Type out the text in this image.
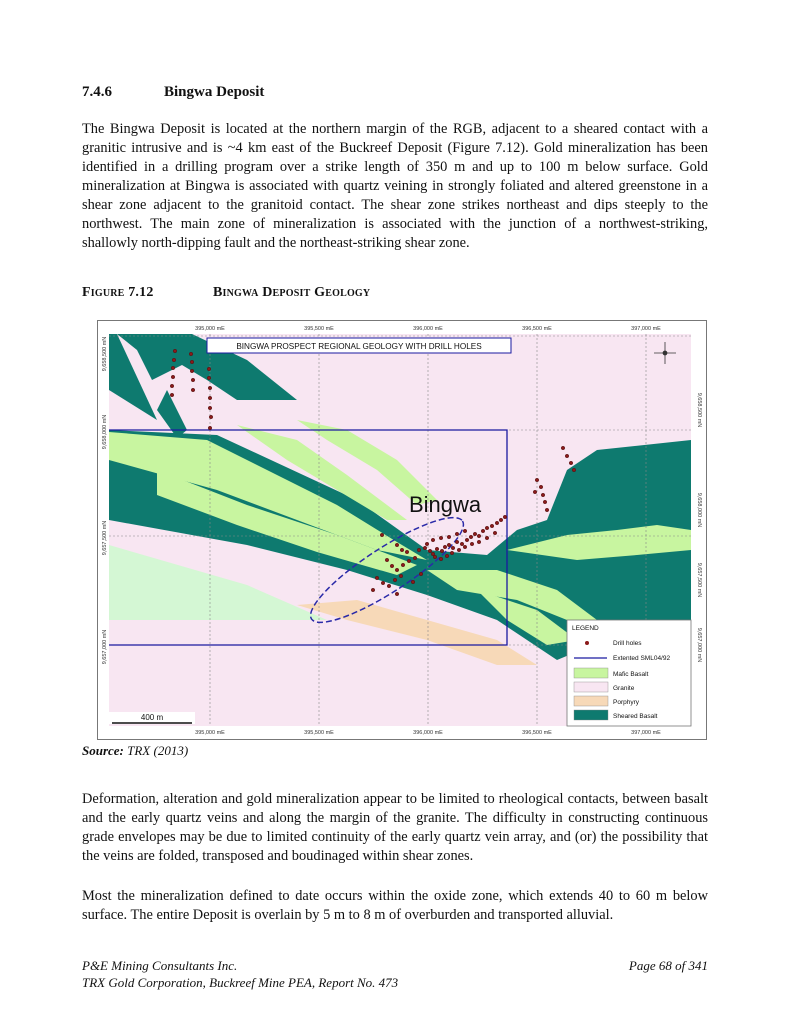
7.4.6	Bingwa Deposit

The Bingwa Deposit is located at the northern margin of the RGB, adjacent to a sheared contact with a granitic intrusive and is ~4 km east of the Buckreef Deposit (Figure 7.12). Gold mineralization has been identified in a drilling program over a strike length of 350 m and up to 100 m below surface. Gold mineralization at Bingwa is associated with quartz veining in strongly foliated and altered greenstone in a shear zone adjacent to the granitoid contact. The shear zone strikes northeast and dips steeply to the northwest. The main zone of mineralization is associated with the junction of a northwest-striking, shallowly north-dipping fault and the northeast-striking shear zone.

Figure 7.12	Bingwa Deposit Geology
BINGWA PROSPECT REGIONAL GEOLOGY WITH DRILL HOLES
Bingwa
395,000 mE	395,500 mE	396,000 mE	396,500 mE	397,000 mE
395,000 mE	395,500 mE	396,000 mE	396,500 mE	397,000 mE
9,658,500 mN
9,658,000 mN
9,657,500 mN
9,657,000 mN
9,658,500 mN
9,658,000 mN
9,657,500 mN
9,657,000 mN
400 m
LEGEND
Drill holes
Extented SML04/92
Mafic Basalt
Granite
Porphyry
Sheared Basalt
Source: TRX (2013)

Deformation, alteration and gold mineralization appear to be limited to rheological contacts, between basalt and the early quartz veins and along the margin of the granite. The difficulty in constructing continuous grade envelopes may be due to limited continuity of the early quartz vein array, and (or) the possibility that the veins are folded, transposed and boudinaged within shear zones.

Most the mineralization defined to date occurs within the oxide zone, which extends 40 to 60 m below surface. The entire Deposit is overlain by 5 m to 8 m of overburden and transported alluvial.

P&E Mining Consultants Inc.	Page 68 of 341
TRX Gold Corporation, Buckreef Mine PEA, Report No. 473
